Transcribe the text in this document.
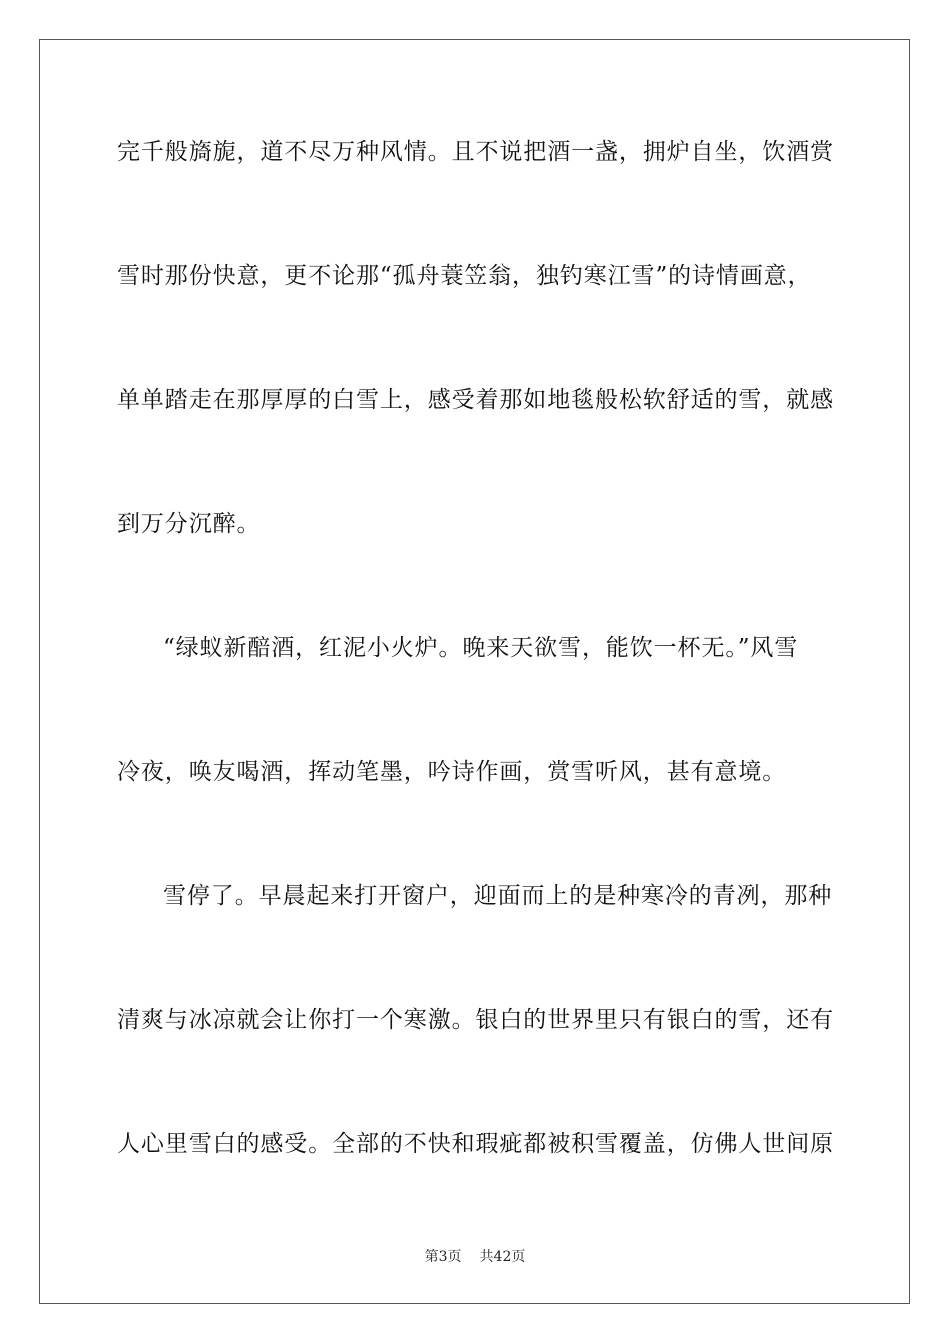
完千般旖旎，道不尽万种风情。且不说把酒一盏，拥炉自坐，饮酒赏
雪时那份快意，更不论那“孤舟蓑笠翁，独钓寒江雪”的诗情画意，
单单踏走在那厚厚的白雪上，感受着那如地毯般松软舒适的雪，就感
到万分沉醉。
“绿蚁新醅酒，红泥小火炉。晚来天欲雪，能饮一杯无。”风雪
冷夜，唤友喝酒，挥动笔墨，吟诗作画，赏雪听风，甚有意境。
雪停了。早晨起来打开窗户，迎面而上的是种寒冷的青冽，那种
清爽与冰凉就会让你打一个寒激。银白的世界里只有银白的雪，还有
人心里雪白的感受。全部的不快和瑕疵都被积雪覆盖，仿佛人世间原
第3页 共42页
